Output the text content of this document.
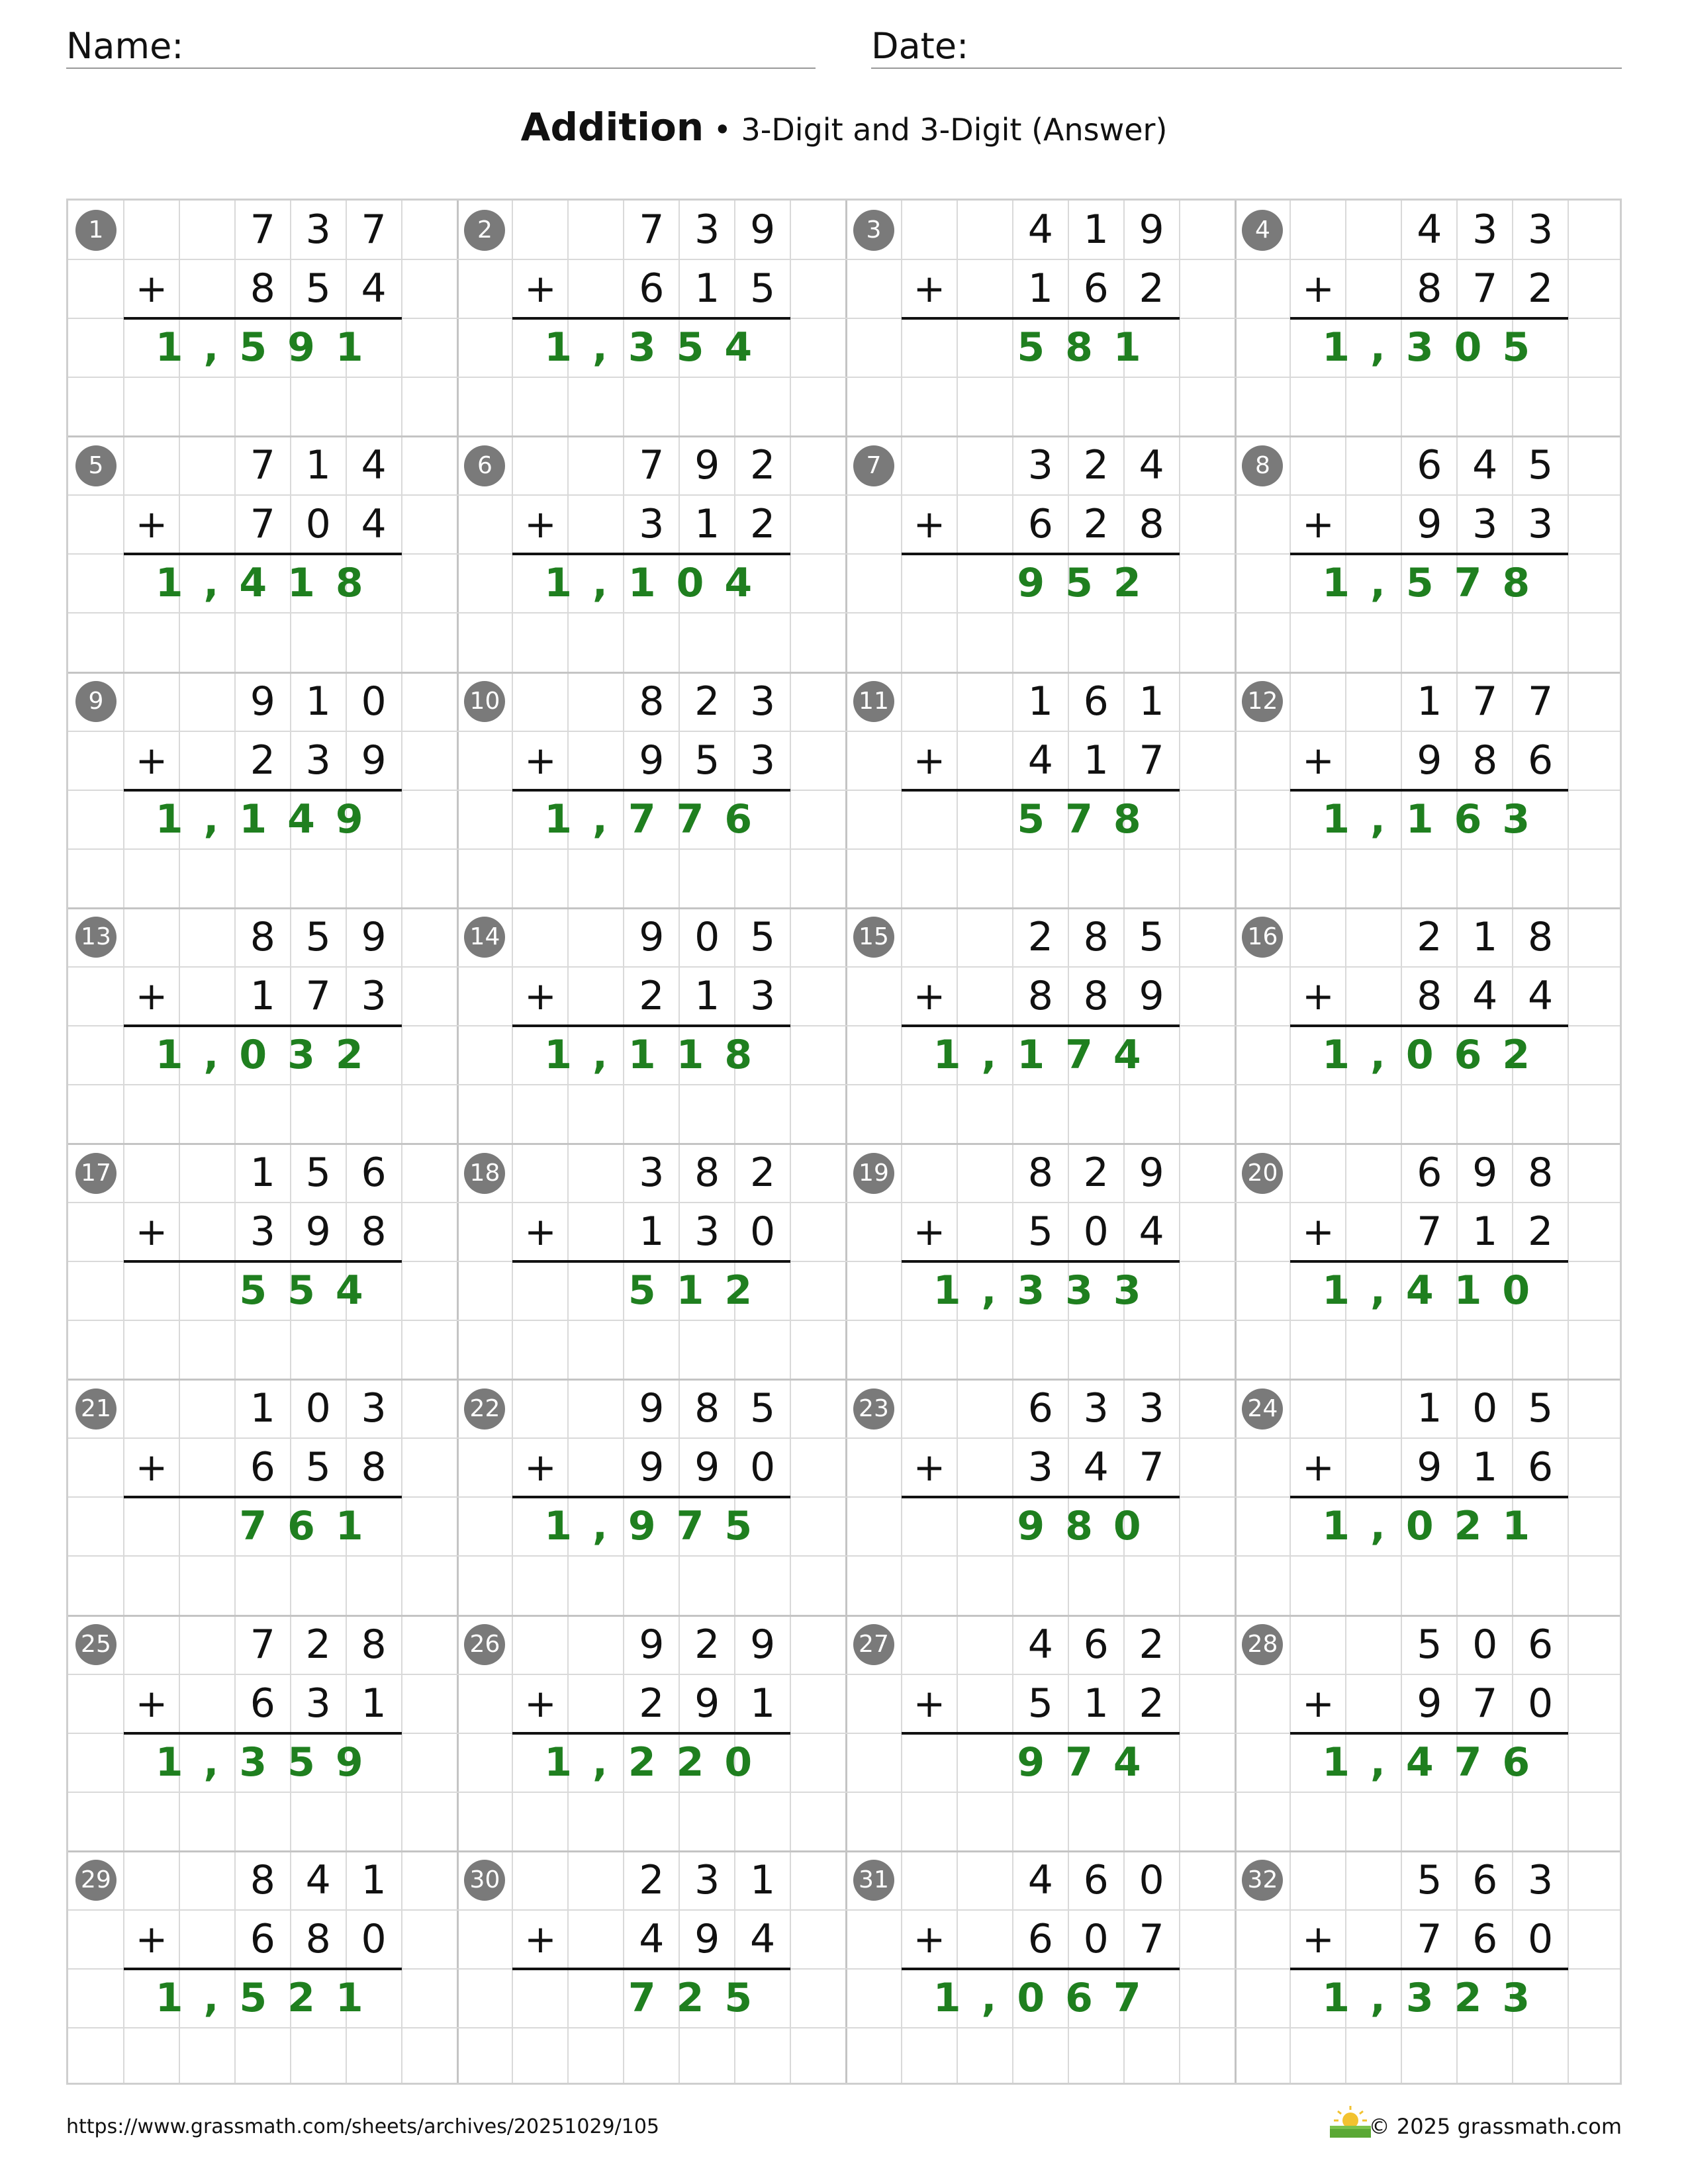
Name:	Date:
Addition • 3-Digit and 3-Digit (Answer)
1	7 3 7
+	8 5 4
1,591
2	7 3 9
+	6 1 5
1,354
3	4 1 9
+	1 6 2
581
4	4 3 3
+	8 7 2
1,305
5	7 1 4
+	7 0 4
1,418
6	7 9 2
+	3 1 2
1,104
7	3 2 4
+	6 2 8
952
8	6 4 5
+	9 3 3
1,578
9	9 1 0
+	2 3 9
1,149
10	8 2 3
+	9 5 3
1,776
11	1 6 1
+	4 1 7
578
12	1 7 7
+	9 8 6
1,163
13	8 5 9
+	1 7 3
1,032
14	9 0 5
+	2 1 3
1,118
15	2 8 5
+	8 8 9
1,174
16	2 1 8
+	8 4 4
1,062
17	1 5 6
+	3 9 8
554
18	3 8 2
+	1 3 0
512
19	8 2 9
+	5 0 4
1,333
20	6 9 8
+	7 1 2
1,410
21	1 0 3
+	6 5 8
761
22	9 8 5
+	9 9 0
1,975
23	6 3 3
+	3 4 7
980
24	1 0 5
+	9 1 6
1,021
25	7 2 8
+	6 3 1
1,359
26	9 2 9
+	2 9 1
1,220
27	4 6 2
+	5 1 2
974
28	5 0 6
+	9 7 0
1,476
29	8 4 1
+	6 8 0
1,521
30	2 3 1
+	4 9 4
725
31	4 6 0
+	6 0 7
1,067
32	5 6 3
+	7 6 0
1,323
https://www.grassmath.com/sheets/archives/20251029/105	© 2025 grassmath.com
